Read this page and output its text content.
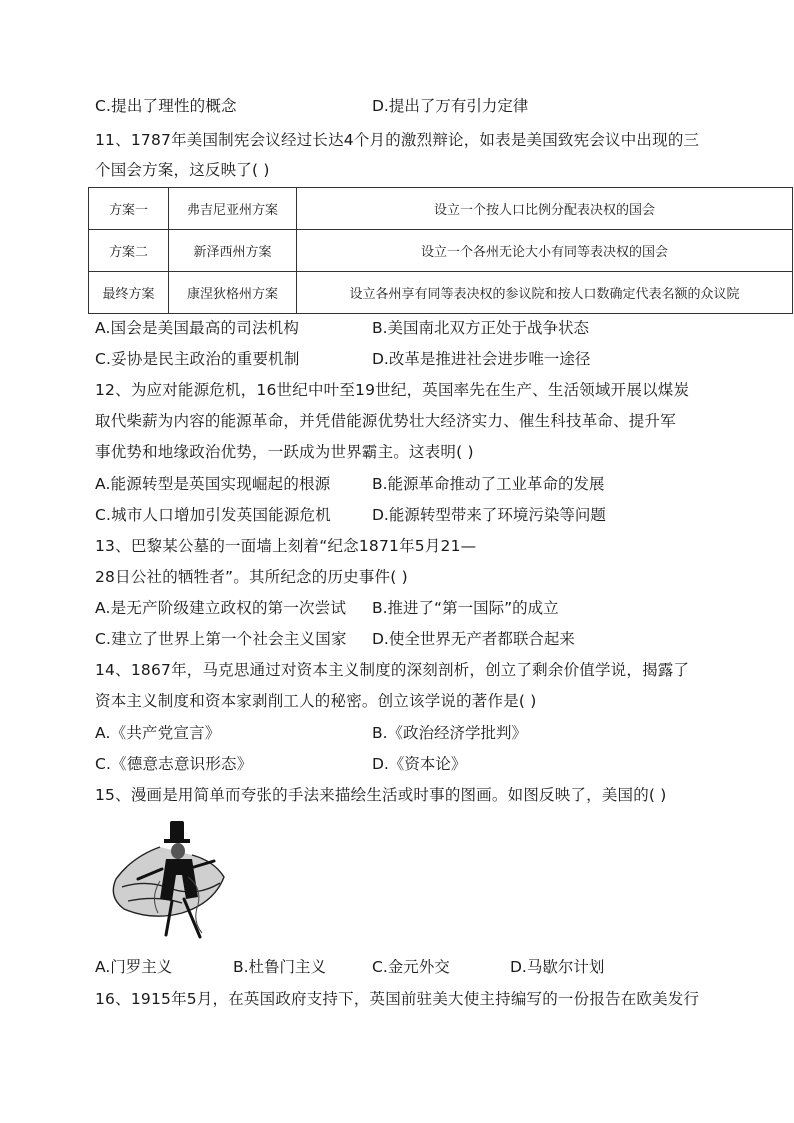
C.提出了理性的概念	D.提出了万有引力定律
11、1787年美国制宪会议经过长达4个月的激烈辩论，如表是美国致宪会议中出现的三
个国会方案，这反映了( )
方案一	弗吉尼亚州方案	设立一个按人口比例分配表决权的国会
方案二	新泽西州方案	设立一个各州无论大小有同等表决权的国会
最终方案	康涅狄格州方案	设立各州享有同等表决权的参议院和按人口数确定代表名额的众议院
A.国会是美国最高的司法机构	B.美国南北双方正处于战争状态
C.妥协是民主政治的重要机制	D.改革是推进社会进步唯一途径
12、为应对能源危机，16世纪中叶至19世纪，英国率先在生产、生活领域开展以煤炭
取代柴薪为内容的能源革命，并凭借能源优势壮大经济实力、催生科技革命、提升军
事优势和地缘政治优势，一跃成为世界霸主。这表明( )
A.能源转型是英国实现崛起的根源	B.能源革命推动了工业革命的发展
C.城市人口增加引发英国能源危机	D.能源转型带来了环境污染等问题
13、巴黎某公墓的一面墙上刻着“纪念1871年5月21—
28日公社的牺牲者”。其所纪念的历史事件( )
A.是无产阶级建立政权的第一次尝试 B.推进了“第一国际”的成立
C.建立了世界上第一个社会主义国家 D.使全世界无产者都联合起来
14、1867年，马克思通过对资本主义制度的深刻剖析，创立了剩余价值学说，揭露了
资本主义制度和资本家剥削工人的秘密。创立该学说的著作是( )
A.《共产党宣言》	B.《政治经济学批判》
C.《德意志意识形态》	D.《资本论》
15、漫画是用简单而夸张的手法来描绘生活或时事的图画。如图反映了，美国的( )
A.门罗主义	B.杜鲁门主义	C.金元外交	D.马歇尔计划
16、1915年5月，在英国政府支持下，英国前驻美大使主持编写的一份报告在欧美发行
